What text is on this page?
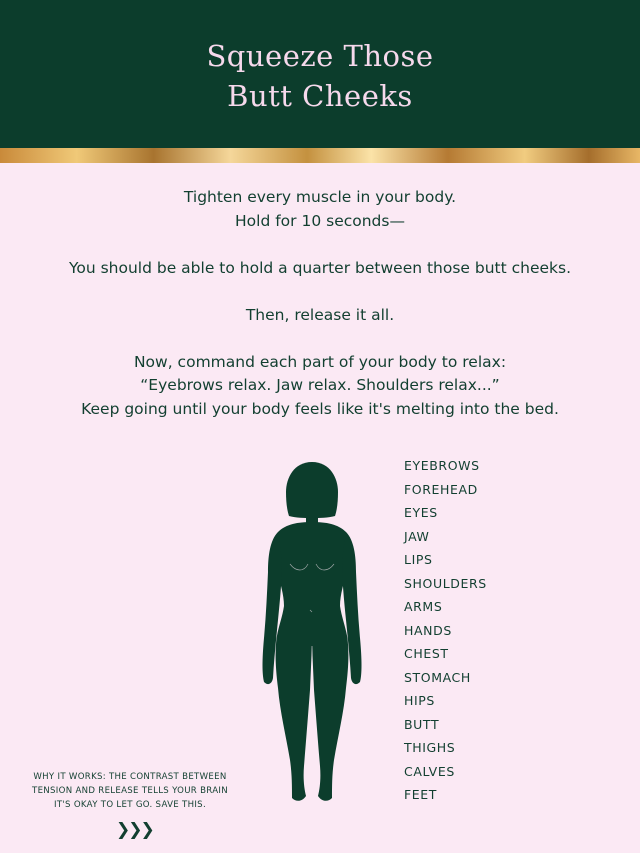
Squeeze Those
Butt Cheeks

Tighten every muscle in your body.

Hold for 10 seconds—

You should be able to hold a quarter between those butt cheeks.

Then, release it all.

Now, command each part of your body to relax:

“Eyebrows relax. Jaw relax. Shoulders relax...”

Keep going until your body feels like it's melting into the bed.

EYEBROWS
FOREHEAD
EYES
JAW
LIPS
SHOULDERS
ARMS
HANDS
CHEST
STOMACH
HIPS
BUTT
THIGHS
CALVES
FEET
WHY IT WORKS: THE CONTRAST BETWEEN
TENSION AND RELEASE TELLS YOUR BRAIN
IT'S OKAY TO LET GO. SAVE THIS.
❯❯❯
